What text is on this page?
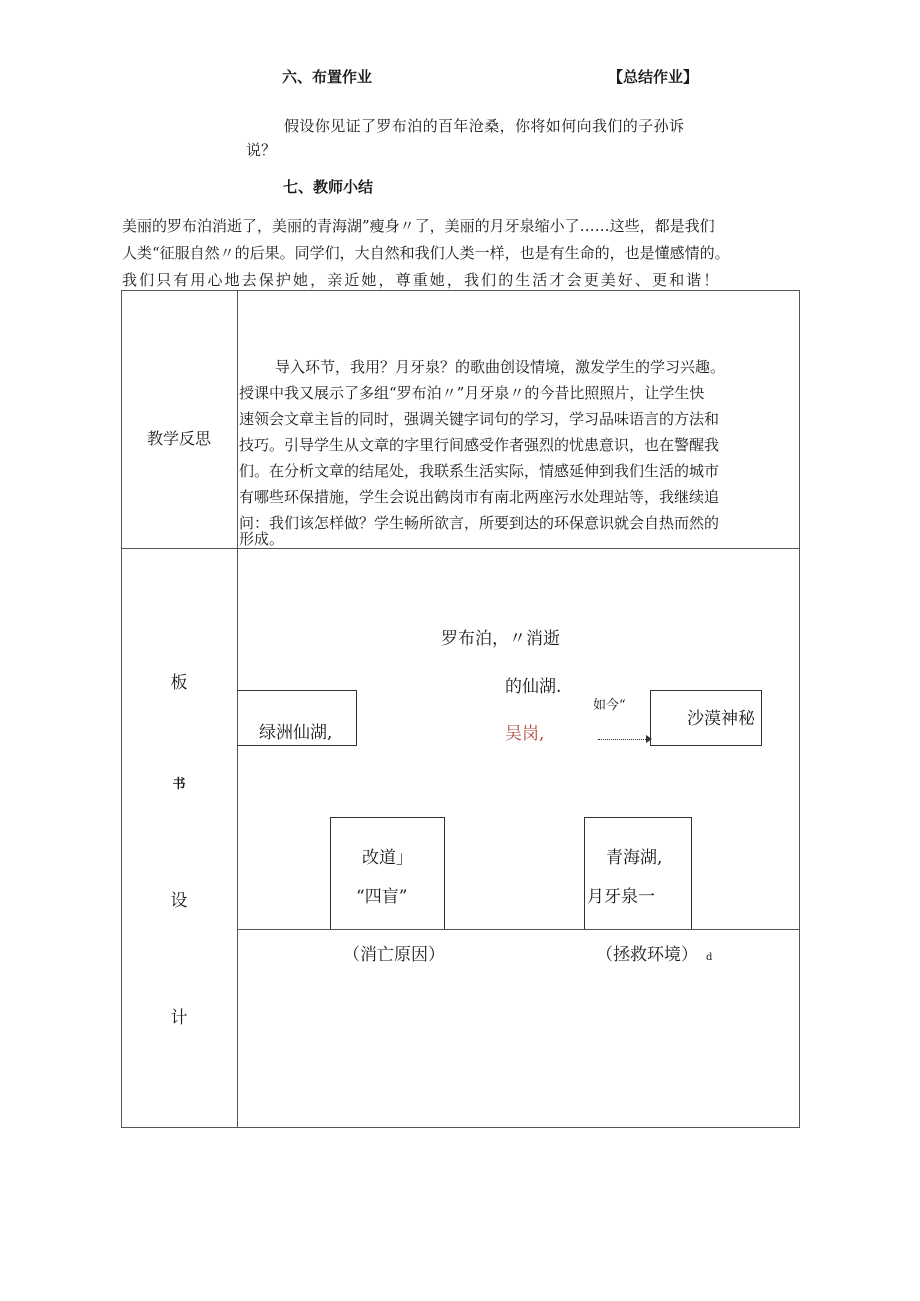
六、布置作业	【总结作业】
假设你见证了罗布泊的百年沧桑，你将如何向我们的子孙诉
说？
七、教师小结
美丽的罗布泊消逝了，美丽的青海湖”瘦身〃了，美丽的月牙泉缩小了……这些，都是我们
人类“征服自然〃的后果。同学们，大自然和我们人类一样，也是有生命的，也是懂感情的。
我们只有用心地去保护她，亲近她，尊重她，我们的生活才会更美好、更和谐！
教学反思
导入环节，我用？月牙泉？的歌曲创设情境，激发学生的学习兴趣。
授课中我又展示了多组“罗布泊〃”月牙泉〃的今昔比照照片，让学生快
速领会文章主旨的同时，强调关键字词句的学习，学习品味语言的方法和
技巧。引导学生从文章的字里行间感受作者强烈的忧患意识，也在警醒我
们。在分析文章的结尾处，我联系生活实际，情感延伸到我们生活的城市
有哪些环保措施，学生会说出鹤岗市有南北两座污水处理站等，我继续追
问：我们该怎样做？学生畅所欲言，所要到达的环保意识就会自热而然的
形成。
板
书
设
计
罗布泊，〃消逝
的仙湖.
绿洲仙湖,	吴岗,
如今“
沙漠神秘
改道」
“四盲”
青海湖,
月牙泉一
（消亡原因）	（拯救环境） d
